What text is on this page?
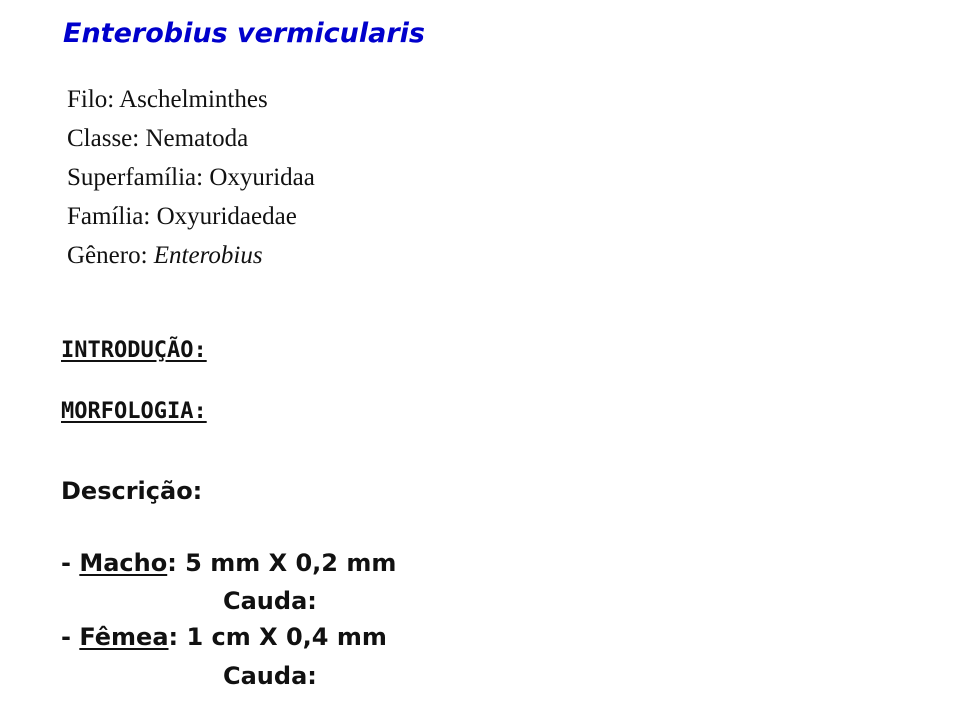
Enterobius vermicularis
Filo: Aschelminthes
Classe: Nematoda
Superfamília: Oxyuridaa
Família: Oxyuridaedae
Gênero: Enterobius
INTRODUÇÃO:
MORFOLOGIA:
Descrição:
- Macho: 5 mm X 0,2 mm
Cauda:
- Fêmea: 1 cm X 0,4 mm
Cauda:
